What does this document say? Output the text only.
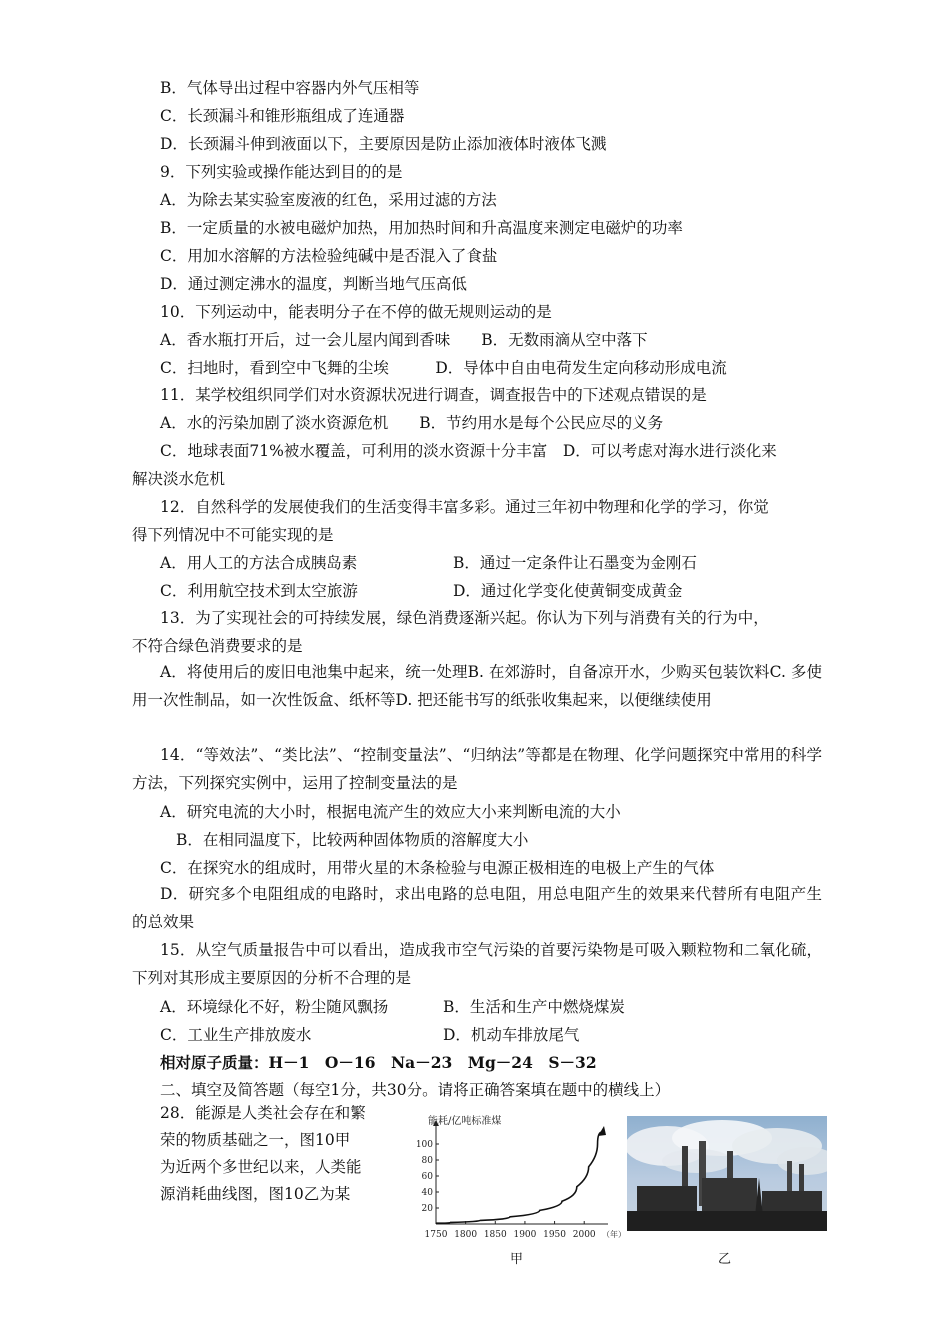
B．气体导出过程中容器内外气压相等
C．长颈漏斗和锥形瓶组成了连通器
D．长颈漏斗伸到液面以下，主要原因是防止添加液体时液体飞溅
9．下列实验或操作能达到目的的是
A．为除去某实验室废液的红色，采用过滤的方法
B．一定质量的水被电磁炉加热，用加热时间和升高温度来测定电磁炉的功率
C．用加水溶解的方法检验纯碱中是否混入了食盐
D．通过测定沸水的温度，判断当地气压高低
10．下列运动中，能表明分子在不停的做无规则运动的是
A．香水瓶打开后，过一会儿屋内闻到香味　　B．无数雨滴从空中落下
C．扫地时，看到空中飞舞的尘埃　　　D．导体中自由电荷发生定向移动形成电流
11．某学校组织同学们对水资源状况进行调查，调查报告中的下述观点错误的是
A．水的污染加剧了淡水资源危机　　B．节约用水是每个公民应尽的义务
C．地球表面71%被水覆盖，可利用的淡水资源十分丰富　D．可以考虑对海水进行淡化来
解决淡水危机
12．自然科学的发展使我们的生活变得丰富多彩。通过三年初中物理和化学的学习，你觉
得下列情况中不可能实现的是
A．用人工的方法合成胰岛素	B．通过一定条件让石墨变为金刚石
C．利用航空技术到太空旅游	D．通过化学变化使黄铜变成黄金
13．为了实现社会的可持续发展，绿色消费逐渐兴起。你认为下列与消费有关的行为中，
不符合绿色消费要求的是
A．将使用后的废旧电池集中起来，统一处理B. 在郊游时，自备凉开水，少购买包装饮料C. 多使用一次性制品，如一次性饭盒、纸杯等D. 把还能书写的纸张收集起来，以便继续使用
14．“等效法”、“类比法”、“控制变量法”、“归纳法”等都是在物理、化学问题探究中常用的科学方法，下列探究实例中，运用了控制变量法的是
A．研究电流的大小时，根据电流产生的效应大小来判断电流的大小
B．在相同温度下，比较两种固体物质的溶解度大小
C．在探究水的组成时，用带火星的木条检验与电源正极相连的电极上产生的气体
D．研究多个电阻组成的电路时，求出电路的总电阻，用总电阻产生的效果来代替所有电阻产生的总效果
15．从空气质量报告中可以看出，造成我市空气污染的首要污染物是可吸入颗粒物和二氧化硫，下列对其形成主要原因的分析不合理的是
A．环境绿化不好，粉尘随风飘扬	B．生活和生产中燃烧煤炭
C．工业生产排放废水	D．机动车排放尾气
相对原子质量：H－1　O－16　Na－23　Mg－24　S－32
二、填空及简答题（每空1分，共30分。请将正确答案填在题中的横线上）

28．能源是人类社会存在和繁

荣的物质基础之一，图10甲

为近两个多世纪以来，人类能

源消耗曲线图，图10乙为某

20
40
60
80
100
1750 1800 1850 1900 1950 2000 （年）
能耗/亿吨标准煤
甲	乙
